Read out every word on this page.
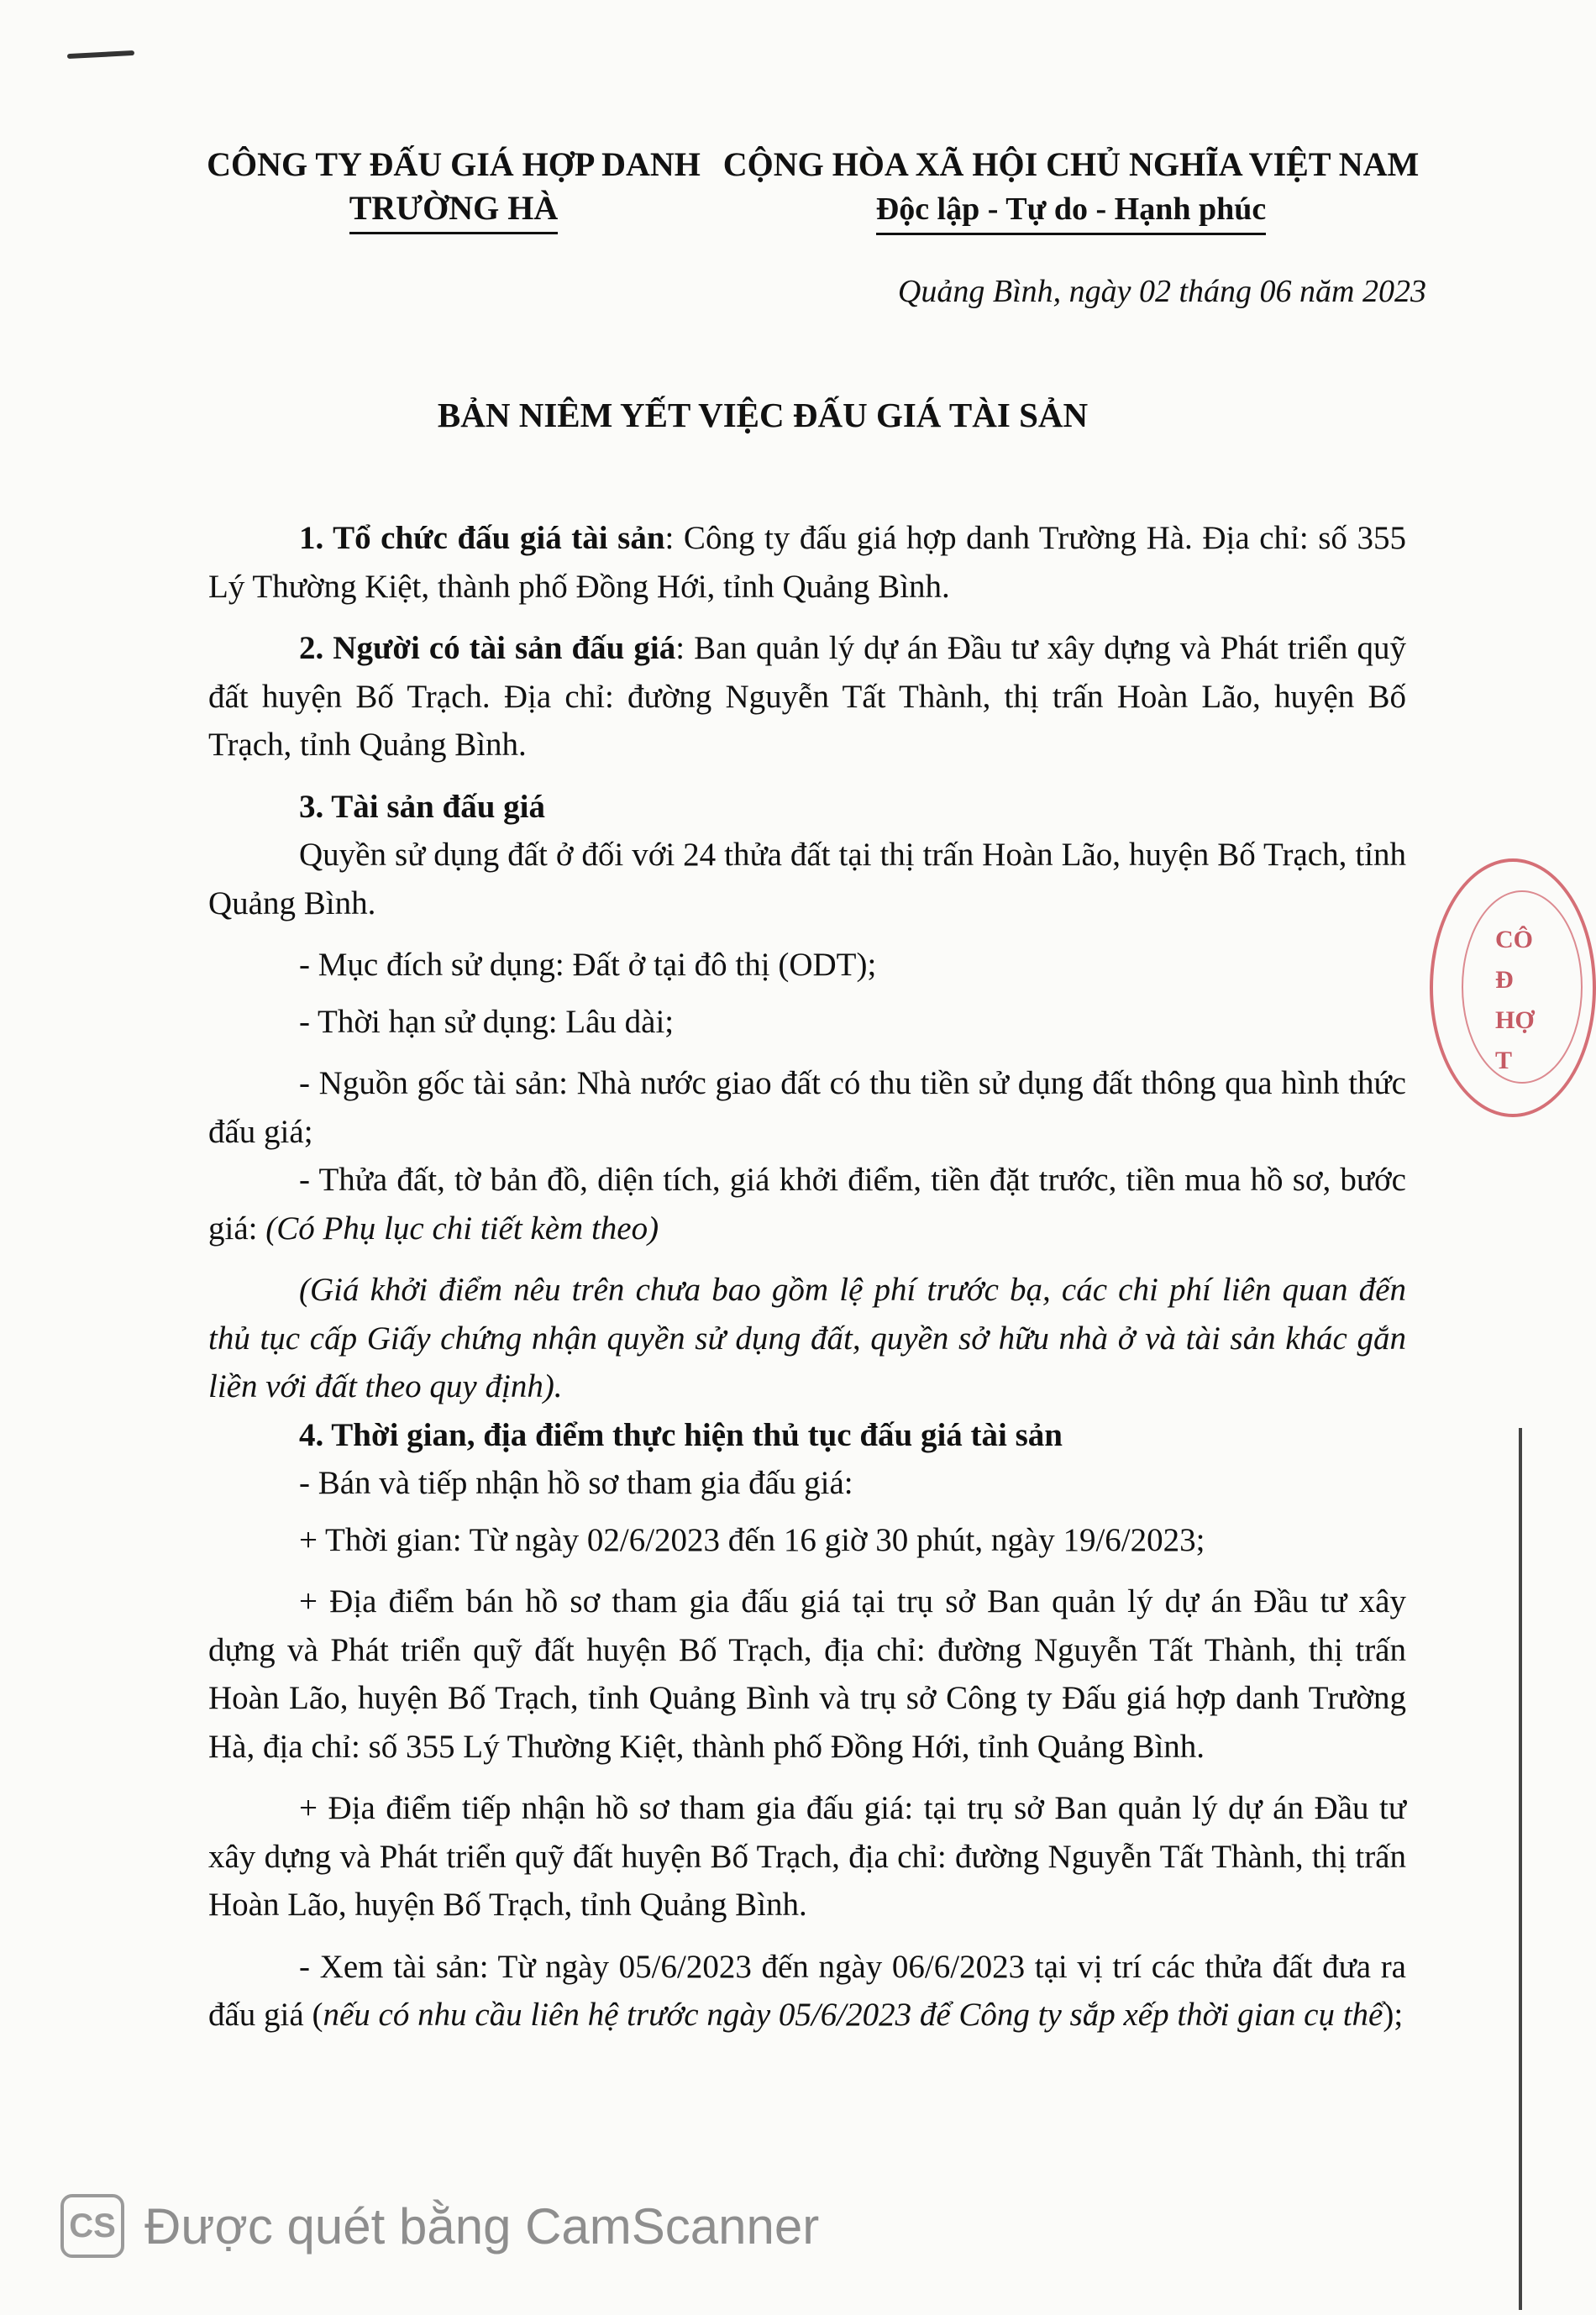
CÔNG TY ĐẤU GIÁ HỢP DANH
TRƯỜNG HÀ
CỘNG HÒA XÃ HỘI CHỦ NGHĨA VIỆT NAM
Độc lập - Tự do - Hạnh phúc
Quảng Bình, ngày 02 tháng 06 năm 2023
BẢN NIÊM YẾT VIỆC ĐẤU GIÁ TÀI SẢN

1. Tổ chức đấu giá tài sản: Công ty đấu giá hợp danh Trường Hà. Địa chỉ: số 355 Lý Thường Kiệt, thành phố Đồng Hới, tỉnh Quảng Bình.

2. Người có tài sản đấu giá: Ban quản lý dự án Đầu tư xây dựng và Phát triển quỹ đất huyện Bố Trạch. Địa chỉ: đường Nguyễn Tất Thành, thị trấn Hoàn Lão, huyện Bố Trạch, tỉnh Quảng Bình.

3. Tài sản đấu giá

Quyền sử dụng đất ở đối với 24 thửa đất tại thị trấn Hoàn Lão, huyện Bố Trạch, tỉnh Quảng Bình.

- Mục đích sử dụng: Đất ở tại đô thị (ODT);

- Thời hạn sử dụng: Lâu dài;

- Nguồn gốc tài sản: Nhà nước giao đất có thu tiền sử dụng đất thông qua hình thức đấu giá;

- Thửa đất, tờ bản đồ, diện tích, giá khởi điểm, tiền đặt trước, tiền mua hồ sơ, bước giá: (Có Phụ lục chi tiết kèm theo)

(Giá khởi điểm nêu trên chưa bao gồm lệ phí trước bạ, các chi phí liên quan đến thủ tục cấp Giấy chứng nhận quyền sử dụng đất, quyền sở hữu nhà ở và tài sản khác gắn liền với đất theo quy định).

4. Thời gian, địa điểm thực hiện thủ tục đấu giá tài sản

- Bán và tiếp nhận hồ sơ tham gia đấu giá:

+ Thời gian: Từ ngày 02/6/2023 đến 16 giờ 30 phút, ngày 19/6/2023;

+ Địa điểm bán hồ sơ tham gia đấu giá tại trụ sở Ban quản lý dự án Đầu tư xây dựng và Phát triển quỹ đất huyện Bố Trạch, địa chỉ: đường Nguyễn Tất Thành, thị trấn Hoàn Lão, huyện Bố Trạch, tỉnh Quảng Bình và trụ sở Công ty Đấu giá hợp danh Trường Hà, địa chỉ: số 355 Lý Thường Kiệt, thành phố Đồng Hới, tỉnh Quảng Bình.

+ Địa điểm tiếp nhận hồ sơ tham gia đấu giá: tại trụ sở Ban quản lý dự án Đầu tư xây dựng và Phát triển quỹ đất huyện Bố Trạch, địa chỉ: đường Nguyễn Tất Thành, thị trấn Hoàn Lão, huyện Bố Trạch, tỉnh Quảng Bình.

- Xem tài sản: Từ ngày 05/6/2023 đến ngày 06/6/2023 tại vị trí các thửa đất đưa ra đấu giá (nếu có nhu cầu liên hệ trước ngày 05/6/2023 để Công ty sắp xếp thời gian cụ thể);

CÔ
Đ
HỢ
T
CS Được quét bằng CamScanner
